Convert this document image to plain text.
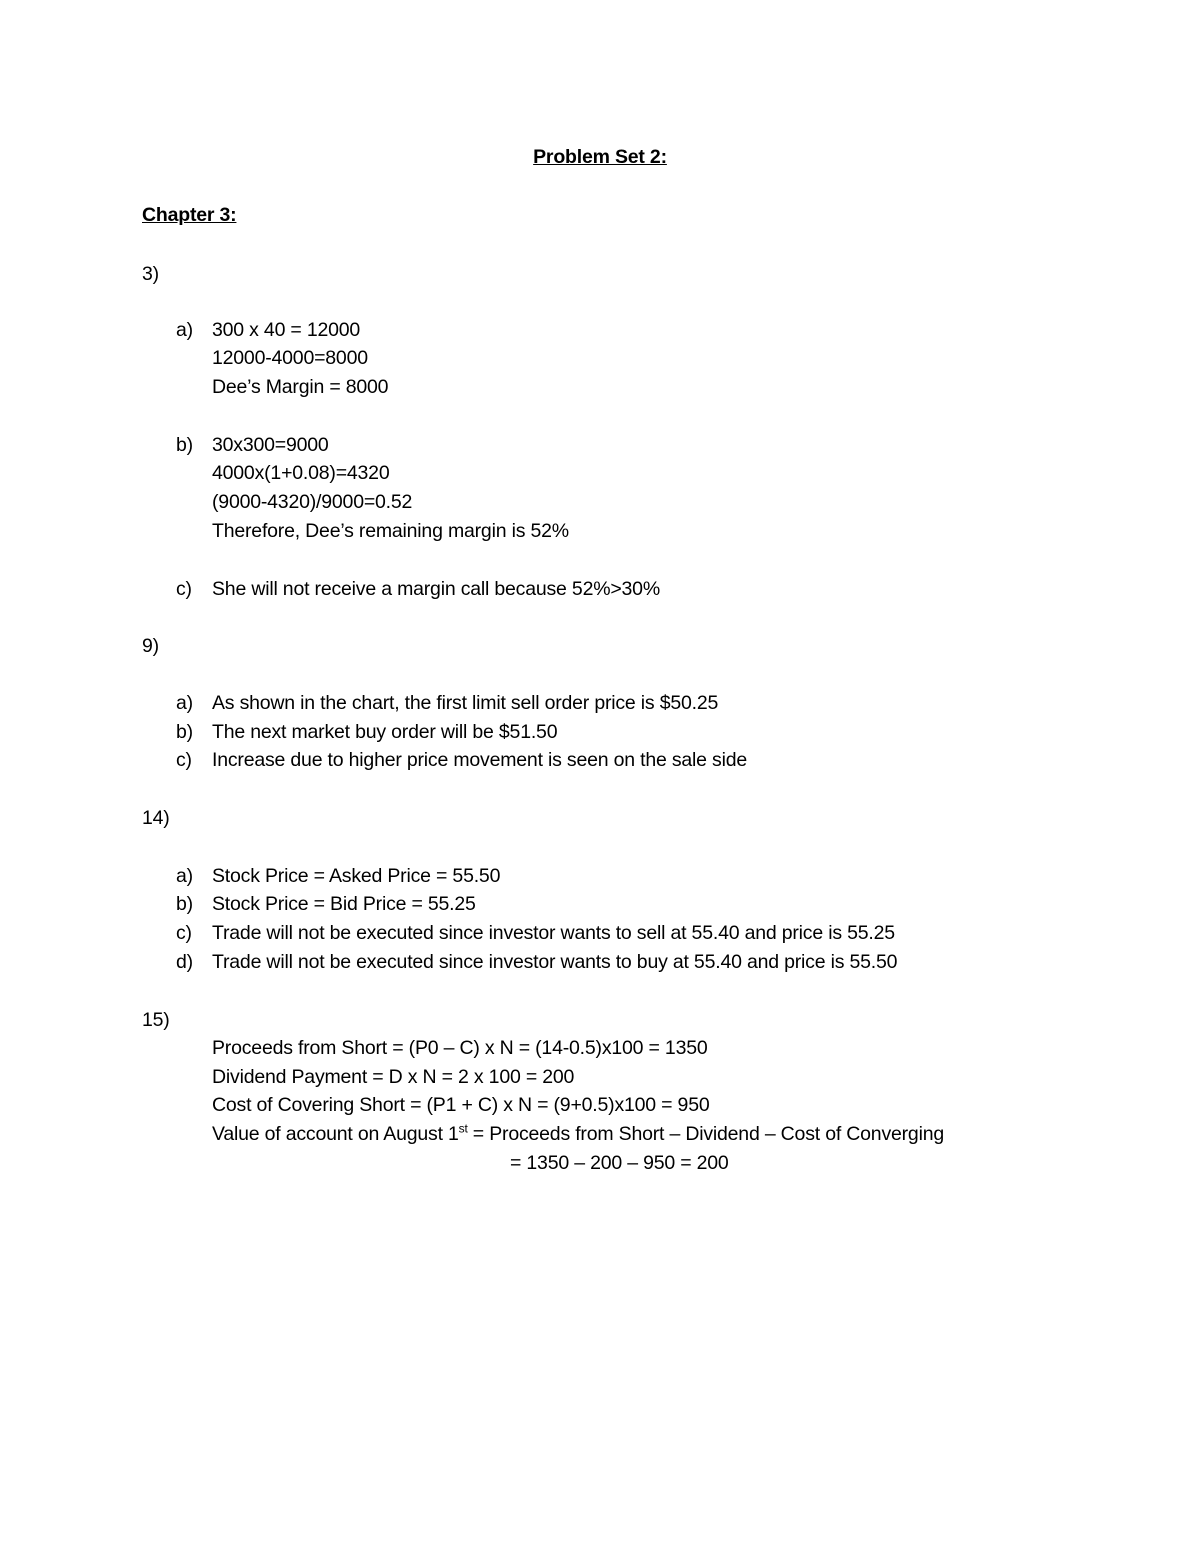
Problem Set 2:
Chapter 3:
3)
a) 300 x 40 = 12000
12000-4000=8000
Dee’s Margin = 8000
b) 30x300=9000
4000x(1+0.08)=4320
(9000-4320)/9000=0.52
Therefore, Dee’s remaining margin is 52%
c) She will not receive a margin call because 52%>30%
9)
a) As shown in the chart, the first limit sell order price is $50.25
b) The next market buy order will be $51.50
c) Increase due to higher price movement is seen on the sale side
14)
a) Stock Price = Asked Price = 55.50
b) Stock Price = Bid Price = 55.25
c) Trade will not be executed since investor wants to sell at 55.40 and price is 55.25
d) Trade will not be executed since investor wants to buy at 55.40 and price is 55.50
15)
Proceeds from Short = (P0 – C) x N = (14-0.5)x100 = 1350
Dividend Payment = D x N = 2 x 100 = 200
Cost of Covering Short = (P1 + C) x N = (9+0.5)x100 = 950
Value of account on August 1st = Proceeds from Short – Dividend – Cost of Converging
= 1350 – 200 – 950 = 200
